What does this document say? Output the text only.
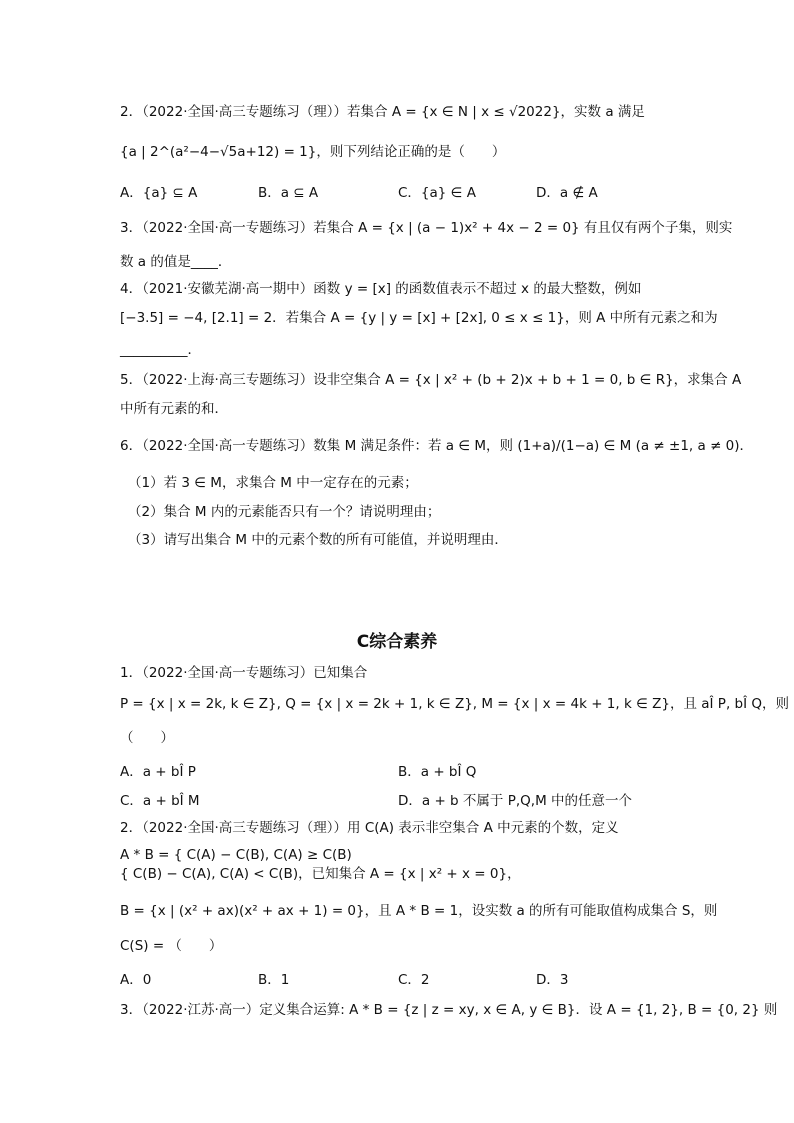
2．（2022·全国·高三专题练习（理））若集合 A = {x ∈ N | x ≤ √2022}，实数 a 满足
{a | 2^(a²−4−√5a+12) = 1}，则下列结论正确的是（　　）
A．{a} ⊆ A	B．a ⊆ A	C．{a} ∈ A	D．a ∉ A
3．（2022·全国·高一专题练习）若集合 A = {x | (a − 1)x² + 4x − 2 = 0} 有且仅有两个子集，则实
数 a 的值是____．
4．（2021·安徽芜湖·高一期中）函数 y = [x] 的函数值表示不超过 x 的最大整数，例如
[−3.5] = −4, [2.1] = 2．若集合 A = {y | y = [x] + [2x], 0 ≤ x ≤ 1}，则 A 中所有元素之和为
__________．
5．（2022·上海·高三专题练习）设非空集合 A = {x | x² + (b + 2)x + b + 1 = 0, b ∈ R}，求集合 A
中所有元素的和．
6．（2022·全国·高一专题练习）数集 M 满足条件：若 a ∈ M，则 (1+a)/(1−a) ∈ M (a ≠ ±1, a ≠ 0)．
（1）若 3 ∈ M，求集合 M 中一定存在的元素；
（2）集合 M 内的元素能否只有一个？请说明理由；
（3）请写出集合 M 中的元素个数的所有可能值，并说明理由．
C综合素养
1．（2022·全国·高一专题练习）已知集合
P = {x | x = 2k, k ∈ Z}, Q = {x | x = 2k + 1, k ∈ Z}, M = {x | x = 4k + 1, k ∈ Z}，且 aÎ P, bÎ Q，则
（　　）
A．a + bÎ P	B．a + bÎ Q
C．a + bÎ M	D．a + b 不属于 P,Q,M 中的任意一个
2．（2022·全国·高三专题练习（理））用 C(A) 表示非空集合 A 中元素的个数，定义
A * B = { C(A) − C(B), C(A) ≥ C(B)
{ C(B) − C(A), C(A) < C(B)，已知集合 A = {x | x² + x = 0}，
B = {x | (x² + ax)(x² + ax + 1) = 0}，且 A * B = 1，设实数 a 的所有可能取值构成集合 S，则
C(S) = （　　）
A．0	B．1	C．2	D．3
3．（2022·江苏·高一）定义集合运算: A * B = {z | z = xy, x ∈ A, y ∈ B}．设 A = {1, 2}, B = {0, 2} 则
